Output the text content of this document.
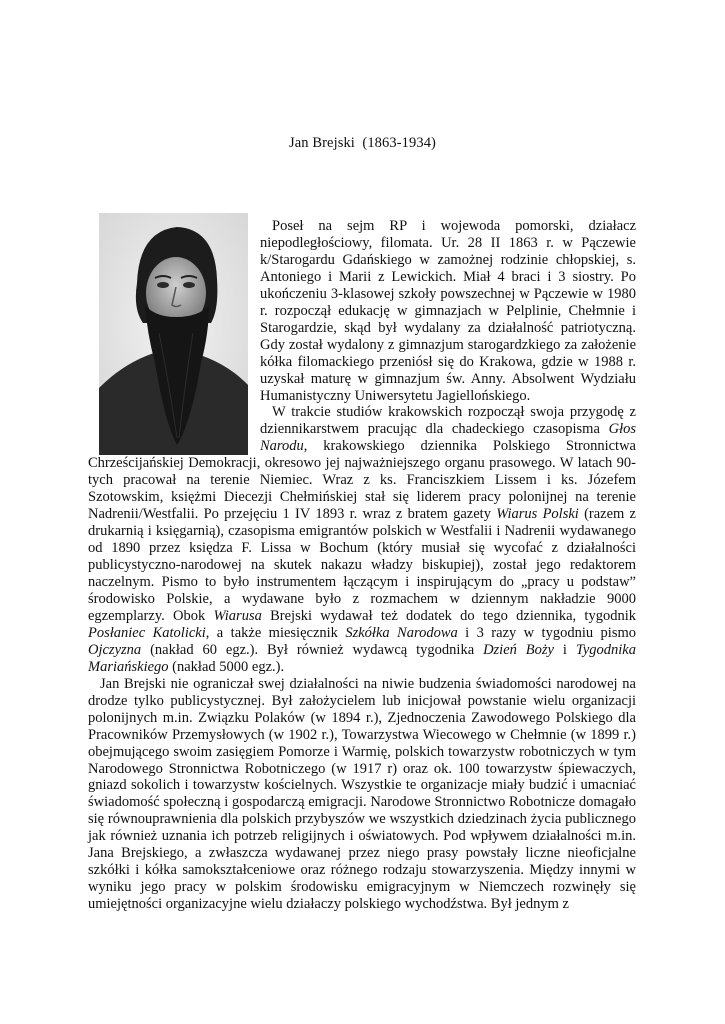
Jan Brejski  (1863-1934)

Poseł na sejm RP i wojewoda pomorski, działacz niepodległościowy, filomata. Ur. 28 II 1863 r. w Pączewie k/Starogardu Gdańskiego w zamożnej rodzinie chłopskiej, s. Antoniego i Marii z Lewickich. Miał 4 braci i 3 siostry. Po ukończeniu 3-klasowej szkoły powszechnej w Pączewie w 1980 r. rozpoczął edukację w gimnazjach w Pelplinie, Chełmnie i Starogardzie, skąd był wydalany za działalność patriotyczną. Gdy został wydalony z gimnazjum starogardzkiego za założenie kółka filomackiego przeniósł się do Krakowa, gdzie w 1988 r. uzyskał maturę w gimnazjum św. Anny. Absolwent Wydziału Humanistyczny Uniwersytetu Jagiellońskiego.

W trakcie studiów krakowskich rozpoczął swoja przygodę z dziennikarstwem pracując dla chadeckiego czasopisma Głos Narodu, krakowskiego dziennika Polskiego Stronnictwa Chrześcijańskiej Demokracji, okresowo jej najważniejszego organu prasowego. W latach 90-tych pracował na terenie Niemiec. Wraz z ks. Franciszkiem Lissem i ks. Józefem Szotowskim, księżmi Diecezji Chełmińskiej stał się liderem pracy polonijnej na terenie Nadrenii/Westfalii. Po przejęciu 1 IV 1893 r. wraz z bratem gazety Wiarus Polski (razem z drukarnią i księgarnią), czasopisma emigrantów polskich w Westfalii i Nadrenii wydawanego od 1890 przez księdza F. Lissa w Bochum (który musiał się wycofać z działalności publicystyczno-narodowej na skutek nakazu władzy biskupiej), został jego redaktorem naczelnym. Pismo to było instrumentem łączącym i inspirującym do „pracy u podstaw” środowisko Polskie, a wydawane było z rozmachem w dziennym nakładzie 9000 egzemplarzy. Obok Wiarusa Brejski wydawał też dodatek do tego dziennika, tygodnik Posłaniec Katolicki, a także miesięcznik Szkółka Narodowa i 3 razy w tygodniu pismo Ojczyzna (nakład 60 egz.). Był również wydawcą tygodnika Dzień Boży i Tygodnika Mariańskiego (nakład 5000 egz.).

Jan Brejski nie ograniczał swej działalności na niwie budzenia świadomości narodowej na drodze tylko publicystycznej. Był założycielem lub inicjował powstanie wielu organizacji polonijnych m.in. Związku Polaków (w 1894 r.), Zjednoczenia Zawodowego Polskiego dla Pracowników Przemysłowych (w 1902 r.), Towarzystwa Wiecowego w Chełmnie (w 1899 r.) obejmującego swoim zasięgiem Pomorze i Warmię, polskich towarzystw robotniczych w tym Narodowego Stronnictwa Robotniczego (w 1917 r) oraz ok. 100 towarzystw śpiewaczych, gniazd sokolich i towarzystw kościelnych. Wszystkie te organizacje miały budzić i umacniać świadomość społeczną i gospodarczą emigracji. Narodowe Stronnictwo Robotnicze domagało się równouprawnienia dla polskich przybyszów we wszystkich dziedzinach życia publicznego jak również uznania ich potrzeb religijnych i oświatowych. Pod wpływem działalności m.in. Jana Brejskiego, a zwłaszcza wydawanej przez niego prasy powstały liczne nieoficjalne szkółki i kółka samokształceniowe oraz różnego rodzaju stowarzyszenia. Między innymi w wyniku jego pracy w polskim środowisku emigracyjnym w Niemczech rozwinęły się umiejętności organizacyjne wielu działaczy polskiego wychodźstwa. Był jednym z
